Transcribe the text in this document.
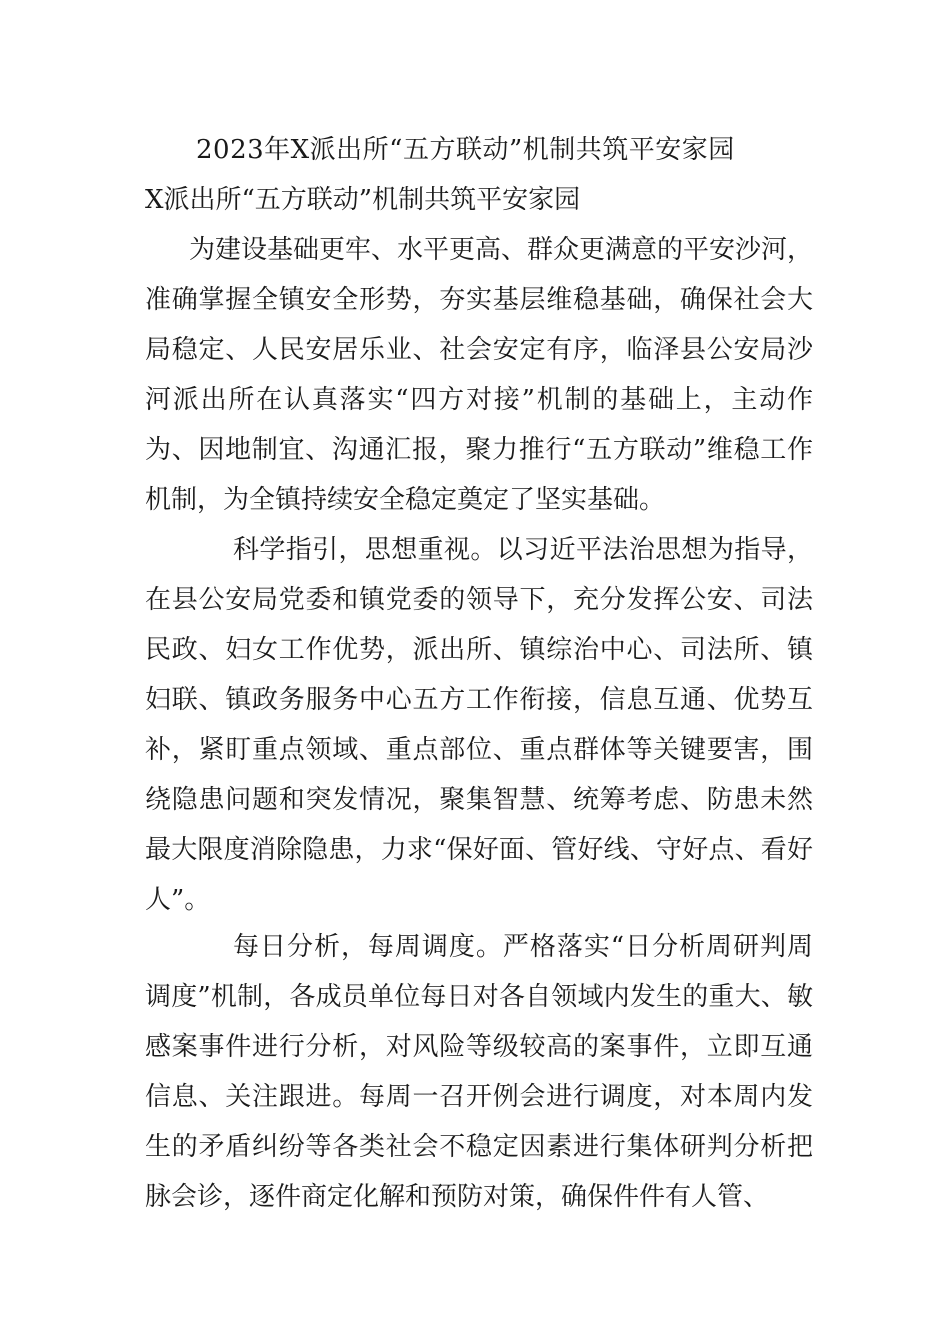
2023年X派出所“五方联动”机制共筑平安家园
X派出所“五方联动”机制共筑平安家园

为建设基础更牢、水平更高、群众更满意的平安沙河，准确掌握全镇安全形势，夯实基层维稳基础，确保社会大局稳定、人民安居乐业、社会安定有序，临泽县公安局沙河派出所在认真落实“四方对接”机制的基础上，主动作为、因地制宜、沟通汇报，聚力推行“五方联动”维稳工作机制，为全镇持续安全稳定奠定了坚实基础。

科学指引，思想重视。以习近平法治思想为指导，在县公安局党委和镇党委的领导下，充分发挥公安、司法民政、妇女工作优势，派出所、镇综治中心、司法所、镇妇联、镇政务服务中心五方工作衔接，信息互通、优势互补，紧盯重点领域、重点部位、重点群体等关键要害，围绕隐患问题和突发情况，聚集智慧、统筹考虑、防患未然最大限度消除隐患，力求“保好面、管好线、守好点、看好人”。

每日分析，每周调度。严格落实“日分析周研判周调度”机制，各成员单位每日对各自领域内发生的重大、敏感案事件进行分析，对风险等级较高的案事件，立即互通信息、关注跟进。每周一召开例会进行调度，对本周内发生的矛盾纠纷等各类社会不稳定因素进行集体研判分析把脉会诊，逐件商定化解和预防对策，确保件件有人管、
